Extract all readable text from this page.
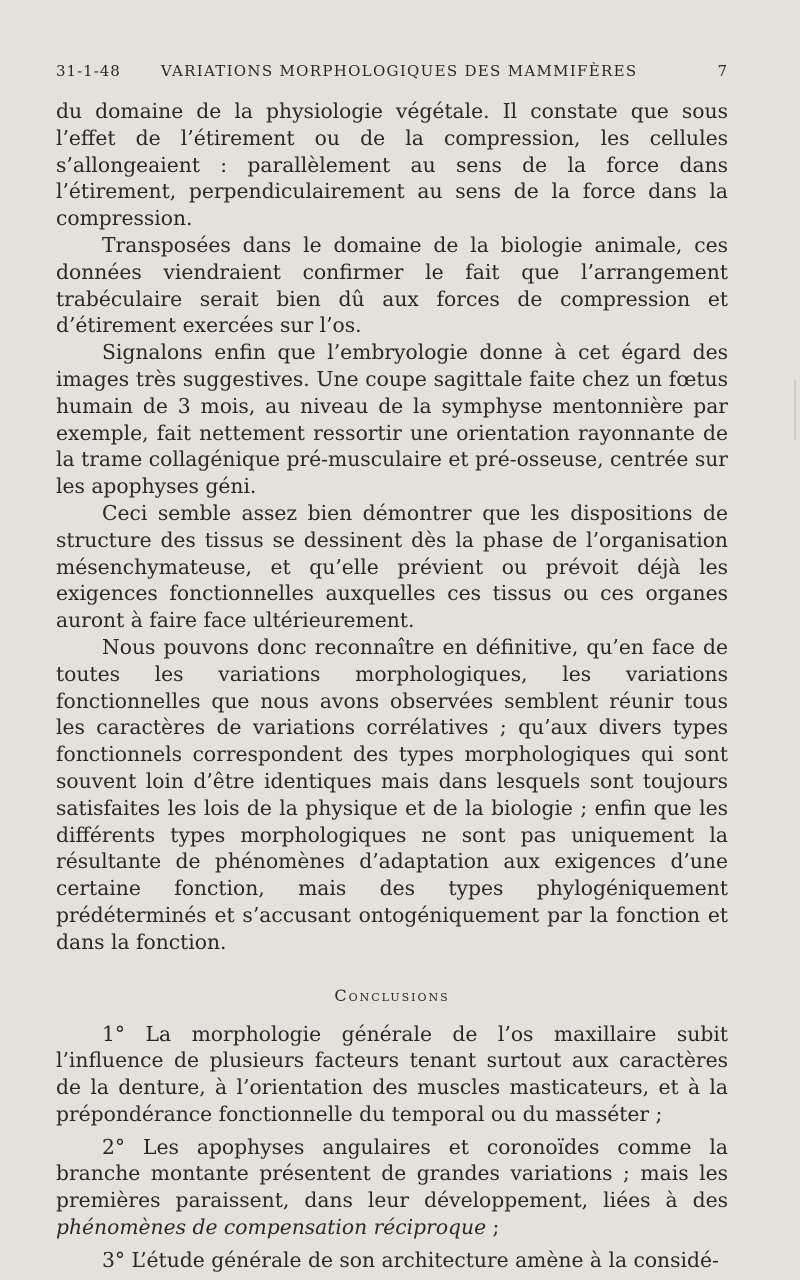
31-1-48	VARIATIONS MORPHOLOGIQUES DES MAMMIFÈRES	7

du domaine de la physiologie végétale. Il constate que sous l’effet de l’étirement ou de la compression, les cellules s’allongeaient : parallèlement au sens de la force dans l’étirement, perpendiculairement au sens de la force dans la compression.

Transposées dans le domaine de la biologie animale, ces données viendraient confirmer le fait que l’arrangement trabéculaire serait bien dû aux forces de compression et d’étirement exercées sur l’os.

Signalons enfin que l’embryologie donne à cet égard des images très suggestives. Une coupe sagittale faite chez un fœtus humain de 3 mois, au niveau de la symphyse mentonnière par exemple, fait nettement ressortir une orientation rayonnante de la trame collagénique pré-musculaire et pré-osseuse, centrée sur les apophyses géni.

Ceci semble assez bien démontrer que les dispositions de structure des tissus se dessinent dès la phase de l’organisation mésenchymateuse, et qu’elle prévient ou prévoit déjà les exigences fonctionnelles auxquelles ces tissus ou ces organes auront à faire face ultérieurement.

Nous pouvons donc reconnaître en définitive, qu’en face de toutes les variations morphologiques, les variations fonctionnelles que nous avons observées semblent réunir tous les caractères de variations corrélatives ; qu’aux divers types fonctionnels correspondent des types morphologiques qui sont souvent loin d’être identiques mais dans lesquels sont toujours satisfaites les lois de la physique et de la biologie ; enfin que les différents types morphologiques ne sont pas uniquement la résultante de phénomènes d’adaptation aux exigences d’une certaine fonction, mais des types phylogéniquement prédéterminés et s’accusant ontogéniquement par la fonction et dans la fonction.

Conclusions

1° La morphologie générale de l’os maxillaire subit l’influence de plusieurs facteurs tenant surtout aux caractères de la denture, à l’orientation des muscles masticateurs, et à la prépondérance fonctionnelle du temporal ou du masséter ;

2° Les apophyses angulaires et coronoïdes comme la branche montante présentent de grandes variations ; mais les premières paraissent, dans leur développement, liées à des phénomènes de compensation réciproque ;

3° L’étude générale de son architecture amène à la considé-
